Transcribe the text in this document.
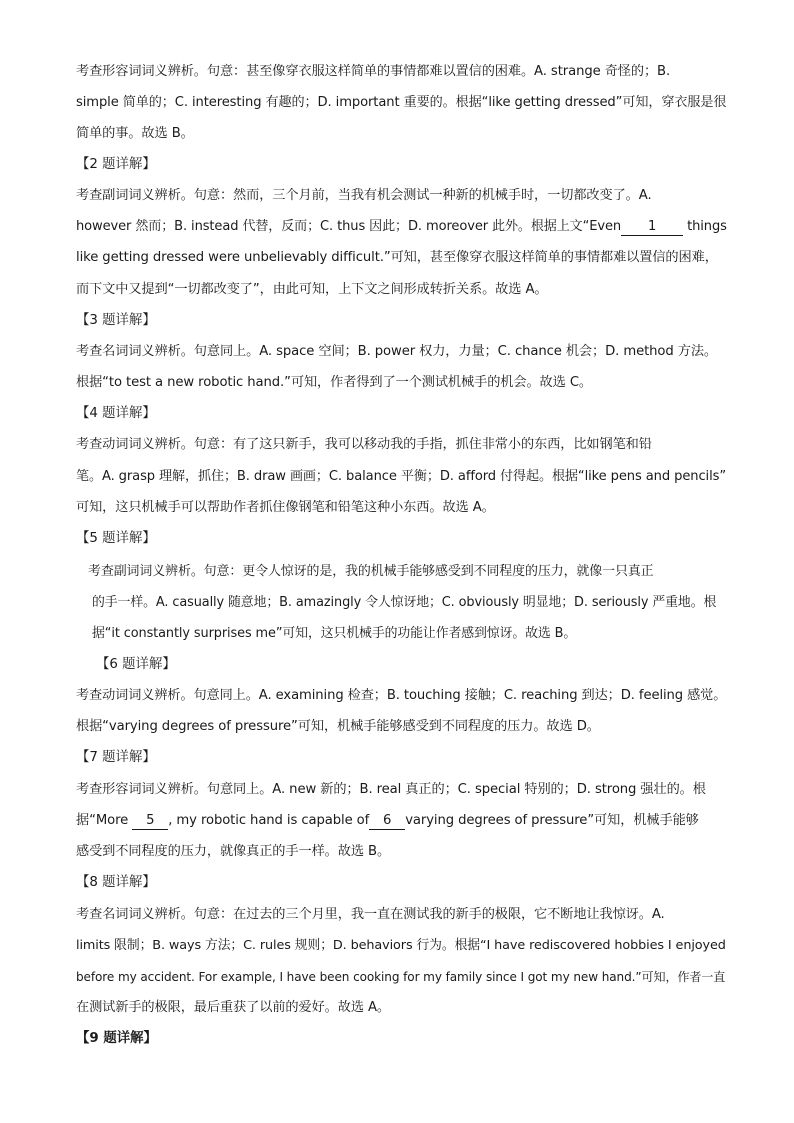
考查形容词词义辨析。句意：甚至像穿衣服这样简单的事情都难以置信的困难。A. strange 奇怪的；B.
simple 简单的；C. interesting 有趣的；D. important 重要的。根据“like getting dressed”可知，穿衣服是很
简单的事。故选 B。
【2 题详解】
考查副词词义辨析。句意：然而，三个月前，当我有机会测试一种新的机械手时，一切都改变了。A.
however 然而；B. instead 代替，反而；C. thus 因此；D. moreover 此外。根据上文“Even 1 things
like getting dressed were unbelievably difficult.”可知，甚至像穿衣服这样简单的事情都难以置信的困难，
而下文中又提到“一切都改变了”，由此可知，上下文之间形成转折关系。故选 A。
【3 题详解】
考查名词词义辨析。句意同上。A. space 空间；B. power 权力，力量；C. chance 机会；D. method 方法。
根据“to test a new robotic hand.”可知，作者得到了一个测试机械手的机会。故选 C。
【4 题详解】
考查动词词义辨析。句意：有了这只新手，我可以移动我的手指，抓住非常小的东西，比如钢笔和铅
笔。A. grasp 理解，抓住；B. draw 画画；C. balance 平衡；D. afford 付得起。根据“like pens and pencils”
可知，这只机械手可以帮助作者抓住像钢笔和铅笔这种小东西。故选 A。
【5 题详解】
考查副词词义辨析。句意：更令人惊讶的是，我的机械手能够感受到不同程度的压力，就像一只真正
的手一样。A. casually 随意地；B. amazingly 令人惊讶地；C. obviously 明显地；D. seriously 严重地。根
据“it constantly surprises me”可知，这只机械手的功能让作者感到惊讶。故选 B。
【6 题详解】
考查动词词义辨析。句意同上。A. examining 检查；B. touching 接触；C. reaching 到达；D. feeling 感觉。
根据“varying degrees of pressure”可知，机械手能够感受到不同程度的压力。故选 D。
【7 题详解】
考查形容词词义辨析。句意同上。A. new 新的；B. real 真正的；C. special 特别的；D. strong 强壮的。根
据“More 5 , my robotic hand is capable of 6 varying degrees of pressure”可知，机械手能够
感受到不同程度的压力，就像真正的手一样。故选 B。
【8 题详解】
考查名词词义辨析。句意：在过去的三个月里，我一直在测试我的新手的极限，它不断地让我惊讶。A.
limits 限制；B. ways 方法；C. rules 规则；D. behaviors 行为。根据“I have rediscovered hobbies I enjoyed
before my accident. For example, I have been cooking for my family since I got my new hand.”可知，作者一直
在测试新手的极限，最后重获了以前的爱好。故选 A。
【9 题详解】
